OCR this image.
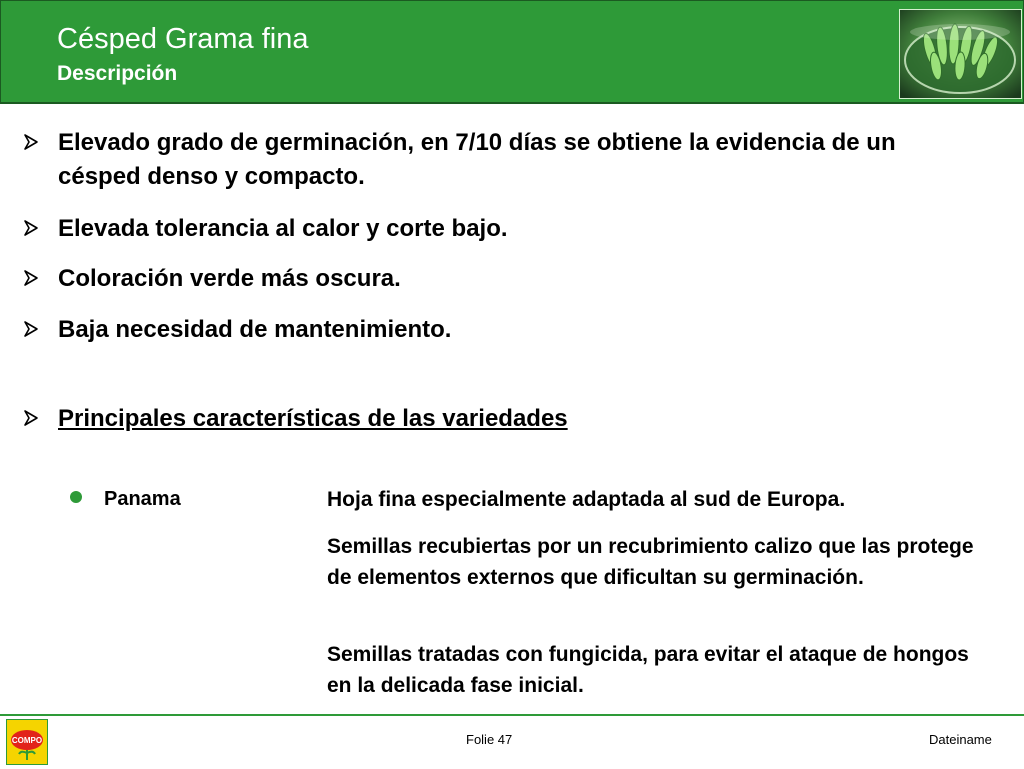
Césped Grama fina
Descripción
Elevado grado de germinación, en 7/10 días se obtiene la evidencia de un césped denso y compacto.
Elevada tolerancia al calor y corte bajo.
Coloración verde más oscura.
Baja necesidad de mantenimiento.
Principales características de las variedades
Panama	Hoja fina especialmente adaptada al sud de Europa.
Semillas recubiertas por un recubrimiento calizo que las protege de elementos externos que dificultan su germinación.
Semillas tratadas con fungicida, para evitar el ataque de hongos en la delicada fase inicial.
COMPO	Folie 47	Dateiname
